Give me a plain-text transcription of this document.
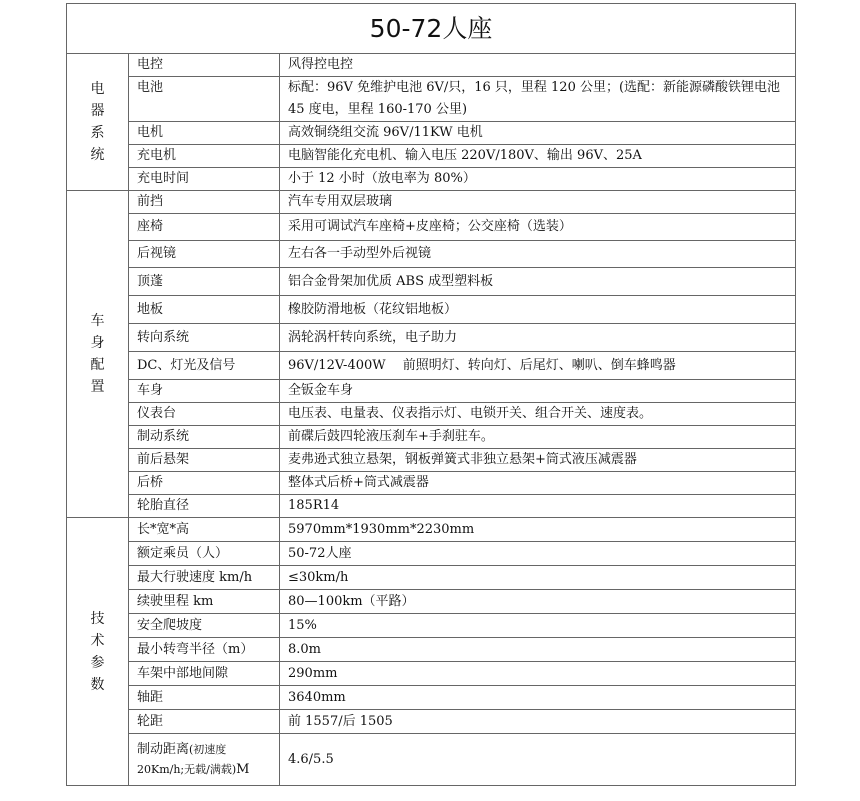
50-72人座		
电器系统	电控	风得控电控
	电池	标配：96V 免维护电池 6V/只，16 只，里程 120 公里；(选配：新能源磷酸铁锂电池 45 度电，里程 160-170 公里)
	电机	高效铜绕组交流 96V/11KW 电机
	充电机	电脑智能化充电机、输入电压 220V/180V、输出 96V、25A
	充电时间	小于 12 小时（放电率为 80%）
车身配置	前挡	汽车专用双层玻璃
	座椅	采用可调试汽车座椅+皮座椅；公交座椅（选装）
	后视镜	左右各一手动型外后视镜
	顶蓬	铝合金骨架加优质 ABS 成型塑料板
	地板	橡胶防滑地板（花纹铝地板）
	转向系统	涡轮涡杆转向系统，电子助力
	DC、灯光及信号	96V/12V-400W　 前照明灯、转向灯、后尾灯、喇叭、倒车蜂鸣器
	车身	全钣金车身
	仪表台	电压表、电量表、仪表指示灯、电锁开关、组合开关、速度表。
	制动系统	前碟后鼓四轮液压刹车+手刹驻车。
	前后悬架	麦弗逊式独立悬架，钢板弹簧式非独立悬架+筒式液压减震器
	后桥	整体式后桥+筒式减震器
	轮胎直径	185R14
技术参数	长*宽*高	5970mm*1930mm*2230mm
	额定乘员（人）	50-72人座
	最大行驶速度 km/h	≤30km/h
	续驶里程 km	80—100km（平路）
	安全爬坡度	15%
	最小转弯半径（m）	8.0m
	车架中部地间隙	290mm
	轴距	3640mm
	轮距	前 1557/后 1505
	制动距离(初速度 20Km/h;无载/满载)M	4.6/5.5
